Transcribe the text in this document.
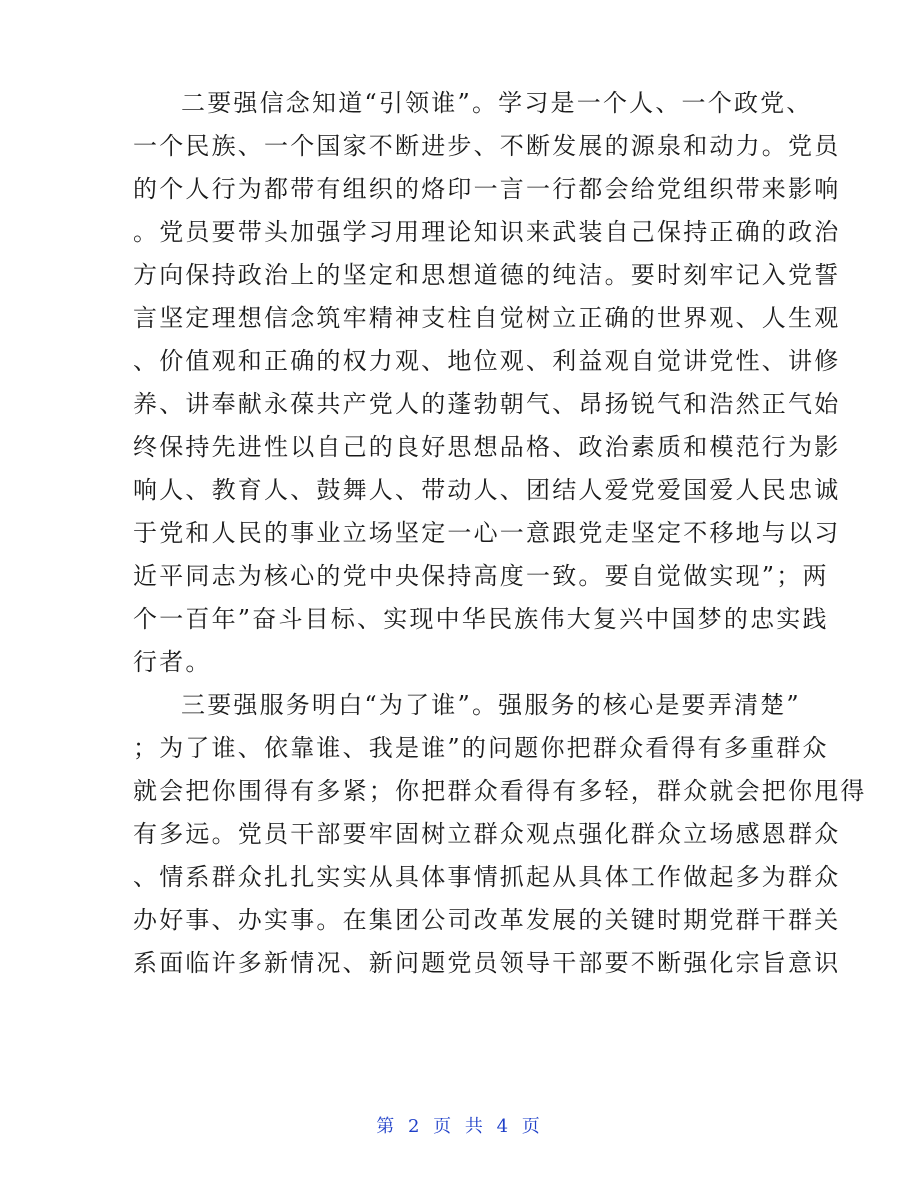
二要强信念知道“引领谁”。学习是一个人、一个政党、
一个民族、一个国家不断进步、不断发展的源泉和动力。党员
的个人行为都带有组织的烙印一言一行都会给党组织带来影响
。党员要带头加强学习用理论知识来武装自己保持正确的政治
方向保持政治上的坚定和思想道德的纯洁。要时刻牢记入党誓
言坚定理想信念筑牢精神支柱自觉树立正确的世界观、人生观
、价值观和正确的权力观、地位观、利益观自觉讲党性、讲修
养、讲奉献永葆共产党人的蓬勃朝气、昂扬锐气和浩然正气始
终保持先进性以自己的良好思想品格、政治素质和模范行为影
响人、教育人、鼓舞人、带动人、团结人爱党爱国爱人民忠诚
于党和人民的事业立场坚定一心一意跟党走坚定不移地与以习
近平同志为核心的党中央保持高度一致。要自觉做实现”；两
个一百年”奋斗目标、实现中华民族伟大复兴中国梦的忠实践
行者。
三要强服务明白“为了谁”。强服务的核心是要弄清楚”
；为了谁、依靠谁、我是谁”的问题你把群众看得有多重群众
就会把你围得有多紧；你把群众看得有多轻，群众就会把你甩得
有多远。党员干部要牢固树立群众观点强化群众立场感恩群众
、情系群众扎扎实实从具体事情抓起从具体工作做起多为群众
办好事、办实事。在集团公司改革发展的关键时期党群干群关
系面临许多新情况、新问题党员领导干部要不断强化宗旨意识
第 2 页 共 4 页
